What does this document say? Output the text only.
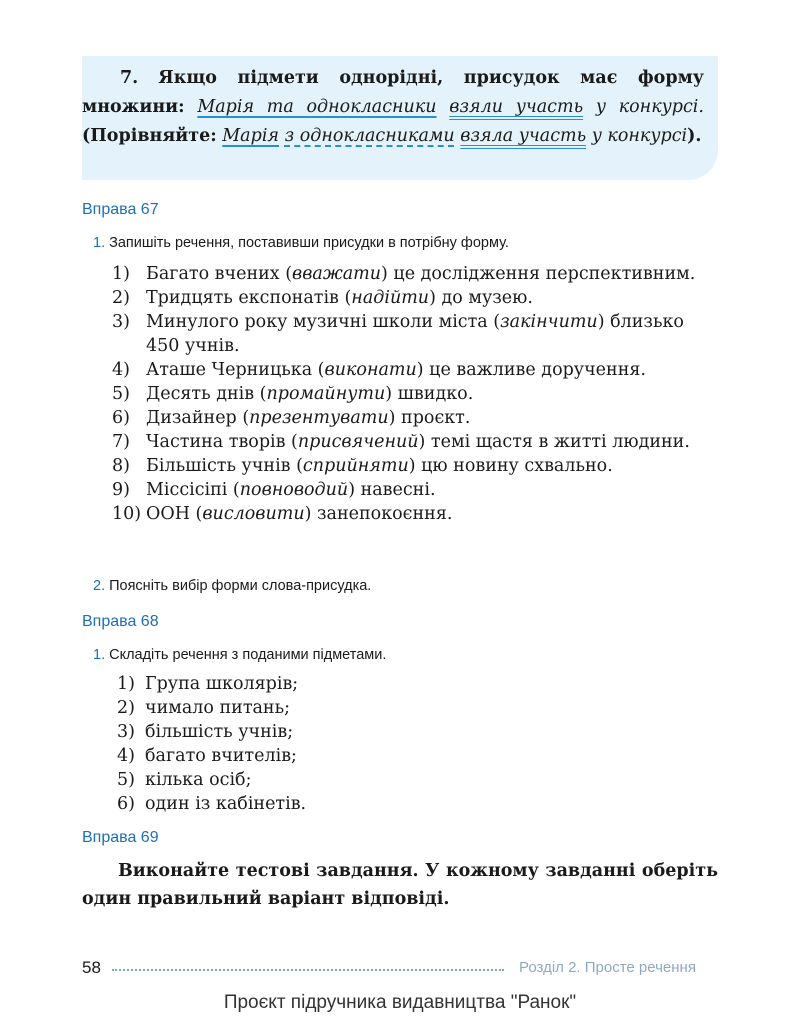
7. Якщо підмети однорідні, присудок має форму множини: Марія та однокласники взяли участь у конкурсі. (Порівняйте: Марія з однокласниками взяла участь у конкурсі).

Вправа 67
1. Запишіть речення, поставивши присудки в потрібну форму.
1) Багато вчених (вважати) це дослідження перспективним.
2) Тридцять експонатів (надійти) до музею.
3) Минулого року музичні школи міста (закінчити) близько 450 учнів.
4) Аташе Черницька (виконати) це важливе доручення.
5) Десять днів (промайнути) швидко.
6) Дизайнер (презентувати) проєкт.
7) Частина творів (присвячений) темі щастя в житті людини.
8) Більшість учнів (сприйняти) цю новину схвально.
9) Міссісіпі (повноводий) навесні.
10) ООН (висловити) занепокоєння.
2. Поясніть вибір форми слова-присудка.
Вправа 68
1. Складіть речення з поданими підметами.
1) Група школярів;
2) чимало питань;
3) більшість учнів;
4) багато вчителів;
5) кілька осіб;
6) один із кабінетів.
Вправа 69

Виконайте тестові завдання. У кожному завданні оберіть один правильний варіант відповіді.

58	Розділ 2. Просте речення
Проєкт підручника видавництва "Ранок"
